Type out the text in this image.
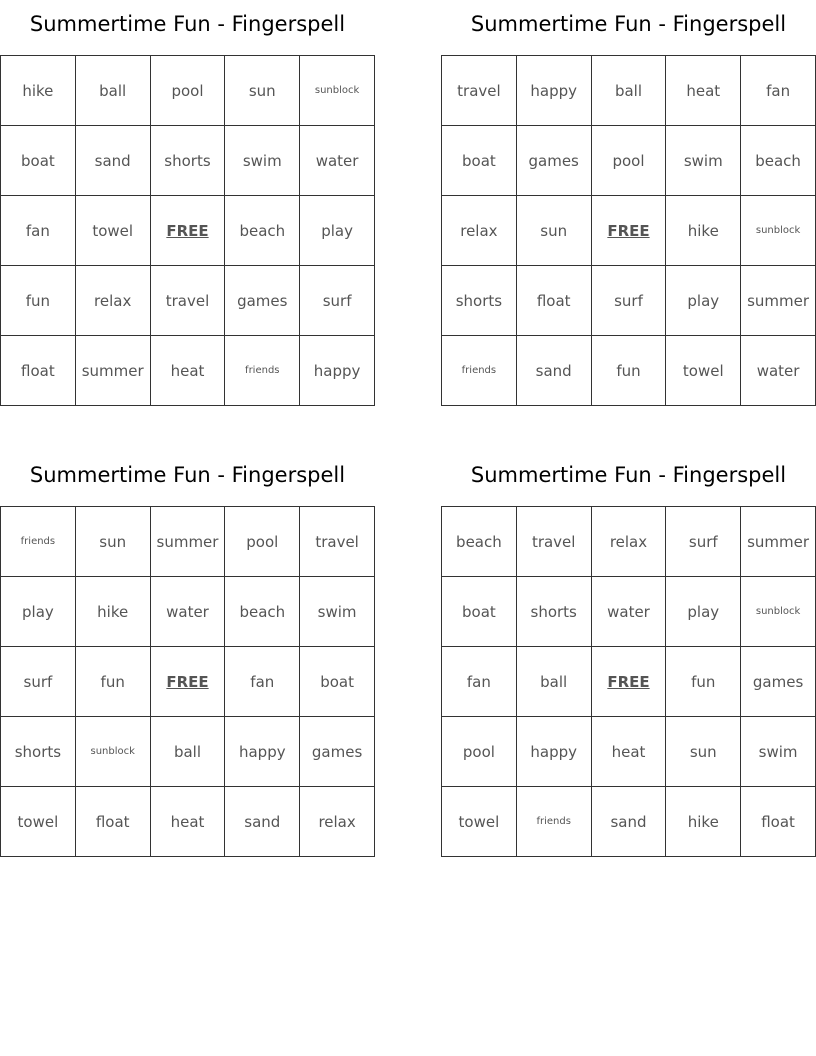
Summertime Fun - Fingerspell
hike	ball	pool	sun	sunblock
boat	sand	shorts	swim	water
fan	towel	FREE	beach	play
fun	relax	travel	games	surf
float	summer	heat	friends	happy
Summertime Fun - Fingerspell
travel	happy	ball	heat	fan
boat	games	pool	swim	beach
relax	sun	FREE	hike	sunblock
shorts	float	surf	play	summer
friends	sand	fun	towel	water
Summertime Fun - Fingerspell
friends	sun	summer	pool	travel
play	hike	water	beach	swim
surf	fun	FREE	fan	boat
shorts	sunblock	ball	happy	games
towel	float	heat	sand	relax
Summertime Fun - Fingerspell
beach	travel	relax	surf	summer
boat	shorts	water	play	sunblock
fan	ball	FREE	fun	games
pool	happy	heat	sun	swim
towel	friends	sand	hike	float
